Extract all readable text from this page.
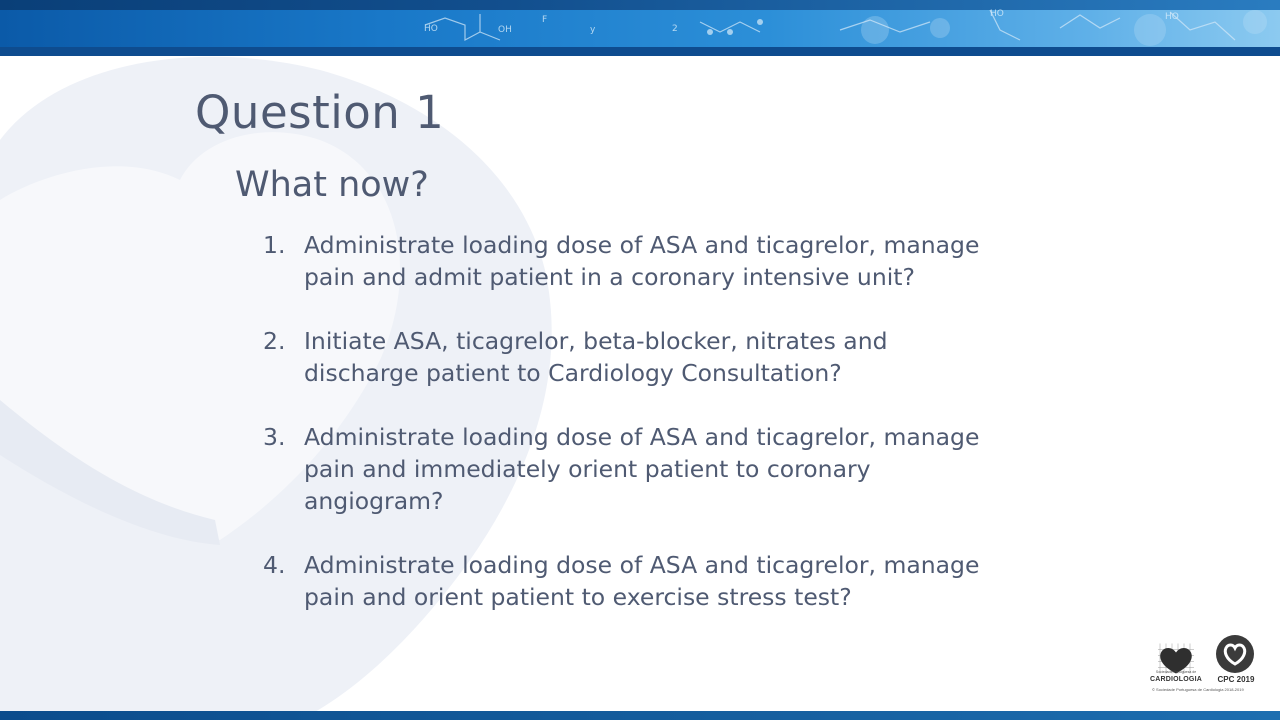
HO	OH
F
y	2
HO	HO
Question 1
What now?
1. Administrate loading dose of ASA and ticagrelor, manage pain and admit patient in a coronary intensive unit?
2. Initiate ASA, ticagrelor, beta-blocker, nitrates and discharge patient to Cardiology Consultation?
3. Administrate loading dose of ASA and ticagrelor, manage pain and immediately orient patient to coronary angiogram?
4. Administrate loading dose of ASA and ticagrelor, manage pain and orient patient to exercise stress test?
Sociedade Portuguesa de
CARDIOLOGIA	CPC 2019
© Sociedade Portuguesa de Cardiologia 2018-2019
